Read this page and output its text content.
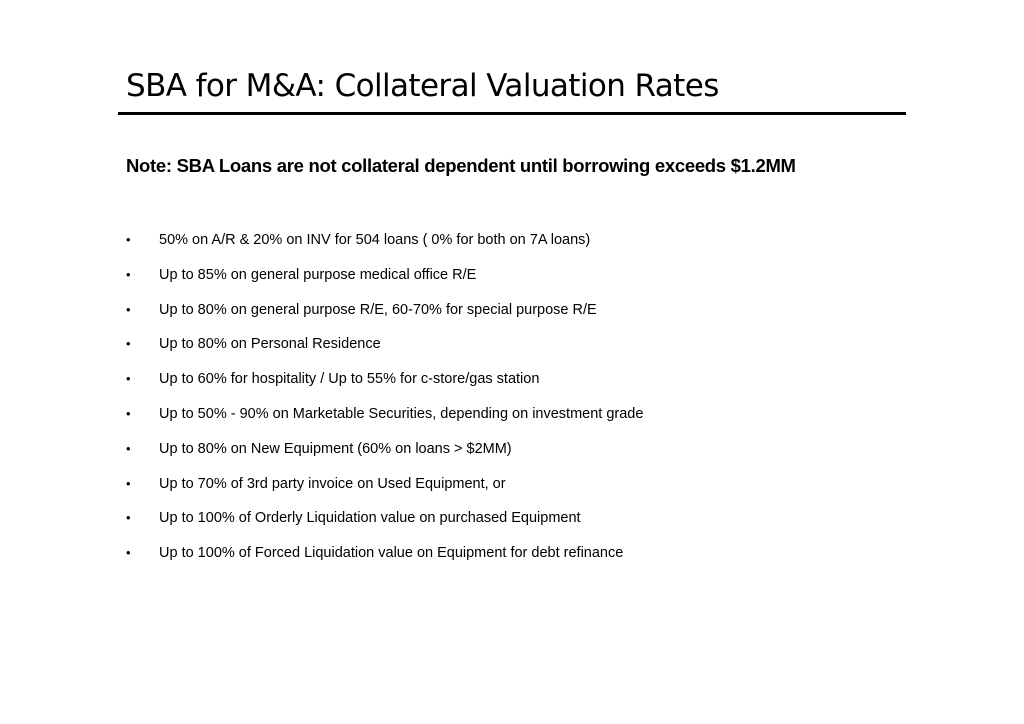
SBA for M&A: Collateral Valuation Rates

Note: SBA Loans are not collateral dependent until borrowing exceeds $1.2MM

•	50% on A/R & 20% on INV for 504 loans ( 0% for both on 7A loans)
•	Up to 85% on general purpose medical office R/E
•	Up to 80% on general purpose R/E, 60-70% for special purpose R/E
•	Up to 80% on Personal Residence
•	Up to 60% for hospitality / Up to 55% for c-store/gas station
•	Up to 50% - 90% on Marketable Securities, depending on investment grade
•	Up to 80% on New Equipment (60% on loans > $2MM)
•	Up to 70% of 3rd party invoice on Used Equipment, or
•	Up to 100% of Orderly Liquidation value on purchased Equipment
•	Up to 100% of Forced Liquidation value on Equipment for debt refinance
